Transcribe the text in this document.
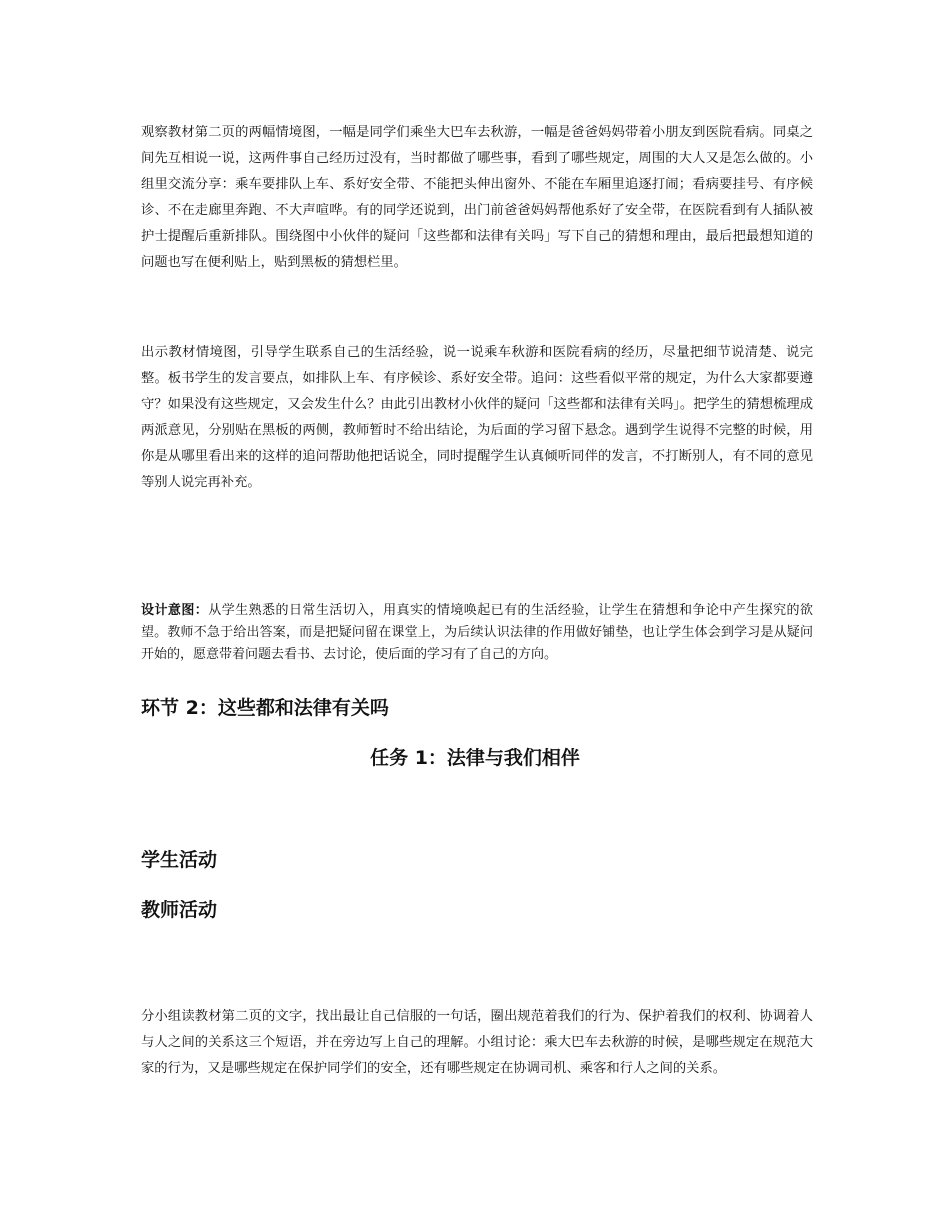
观察教材第二页的两幅情境图，一幅是同学们乘坐大巴车去秋游，一幅是爸爸妈妈带着小朋友到医院看病。同桌之间先互相说一说，这两件事自己经历过没有，当时都做了哪些事，看到了哪些规定，周围的大人又是怎么做的。小组里交流分享：乘车要排队上车、系好安全带、不能把头伸出窗外、不能在车厢里追逐打闹；看病要挂号、有序候诊、不在走廊里奔跑、不大声喧哗。有的同学还说到，出门前爸爸妈妈帮他系好了安全带，在医院看到有人插队被护士提醒后重新排队。围绕图中小伙伴的疑问「这些都和法律有关吗」写下自己的猜想和理由，最后把最想知道的问题也写在便利贴上，贴到黑板的猜想栏里。

出示教材情境图，引导学生联系自己的生活经验，说一说乘车秋游和医院看病的经历，尽量把细节说清楚、说完整。板书学生的发言要点，如排队上车、有序候诊、系好安全带。追问：这些看似平常的规定，为什么大家都要遵守？如果没有这些规定，又会发生什么？由此引出教材小伙伴的疑问「这些都和法律有关吗」。把学生的猜想梳理成两派意见，分别贴在黑板的两侧，教师暂时不给出结论，为后面的学习留下悬念。遇到学生说得不完整的时候，用你是从哪里看出来的这样的追问帮助他把话说全，同时提醒学生认真倾听同伴的发言，不打断别人，有不同的意见等别人说完再补充。

设计意图：从学生熟悉的日常生活切入，用真实的情境唤起已有的生活经验，让学生在猜想和争论中产生探究的欲望。教师不急于给出答案，而是把疑问留在课堂上，为后续认识法律的作用做好铺垫，也让学生体会到学习是从疑问开始的，愿意带着问题去看书、去讨论，使后面的学习有了自己的方向。

环节 2：这些都和法律有关吗
任务 1：法律与我们相伴
学生活动
教师活动

分小组读教材第二页的文字，找出最让自己信服的一句话，圈出规范着我们的行为、保护着我们的权利、协调着人与人之间的关系这三个短语，并在旁边写上自己的理解。小组讨论：乘大巴车去秋游的时候，是哪些规定在规范大家的行为，又是哪些规定在保护同学们的安全，还有哪些规定在协调司机、乘客和行人之间的关系。
